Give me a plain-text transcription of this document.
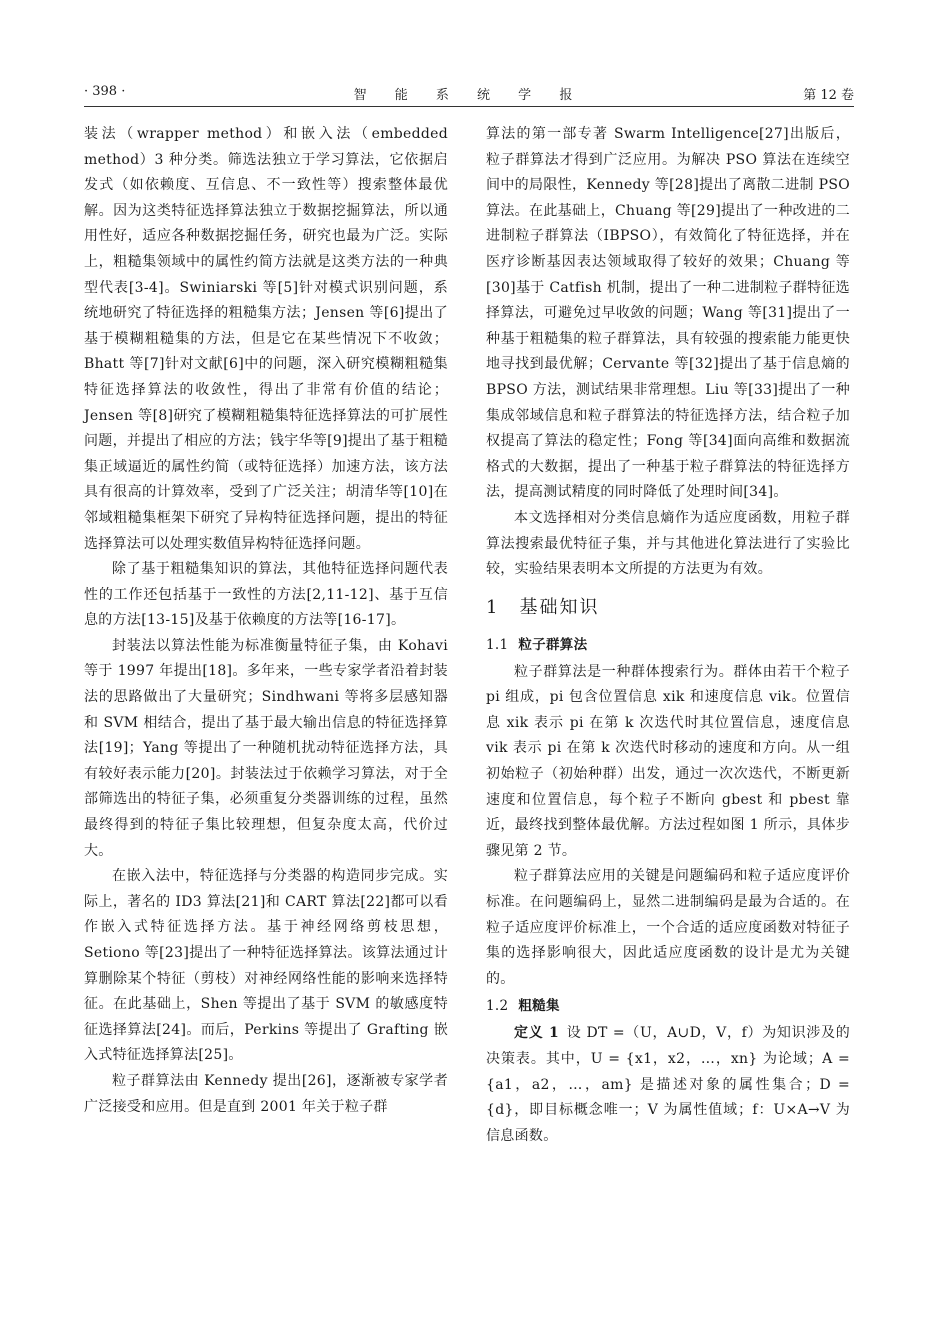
· 398 ·	智 能 系 统 学 报	第 12 卷

装法（wrapper method）和嵌入法（embedded method）3 种分类。筛选法独立于学习算法，它依据启发式（如依赖度、互信息、不一致性等）搜索整体最优解。因为这类特征选择算法独立于数据挖掘算法，所以通用性好，适应各种数据挖掘任务，研究也最为广泛。实际上，粗糙集领域中的属性约简方法就是这类方法的一种典型代表[3-4]。Swiniarski 等[5]针对模式识别问题，系统地研究了特征选择的粗糙集方法；Jensen 等[6]提出了基于模糊粗糙集的方法，但是它在某些情况下不收敛；Bhatt 等[7]针对文献[6]中的问题，深入研究模糊粗糙集特征选择算法的收敛性，得出了非常有价值的结论；Jensen 等[8]研究了模糊粗糙集特征选择算法的可扩展性问题，并提出了相应的方法；钱宇华等[9]提出了基于粗糙集正域逼近的属性约简（或特征选择）加速方法，该方法具有很高的计算效率，受到了广泛关注；胡清华等[10]在邻域粗糙集框架下研究了异构特征选择问题，提出的特征选择算法可以处理实数值异构特征选择问题。

除了基于粗糙集知识的算法，其他特征选择问题代表性的工作还包括基于一致性的方法[2,11-12]、基于互信息的方法[13-15]及基于依赖度的方法等[16-17]。

封装法以算法性能为标准衡量特征子集，由 Kohavi 等于 1997 年提出[18]。多年来，一些专家学者沿着封装法的思路做出了大量研究；Sindhwani 等将多层感知器和 SVM 相结合，提出了基于最大输出信息的特征选择算法[19]；Yang 等提出了一种随机扰动特征选择方法，具有较好表示能力[20]。封装法过于依赖学习算法，对于全部筛选出的特征子集，必须重复分类器训练的过程，虽然最终得到的特征子集比较理想，但复杂度太高，代价过大。

在嵌入法中，特征选择与分类器的构造同步完成。实际上，著名的 ID3 算法[21]和 CART 算法[22]都可以看作嵌入式特征选择方法。基于神经网络剪枝思想，Setiono 等[23]提出了一种特征选择算法。该算法通过计算删除某个特征（剪枝）对神经网络性能的影响来选择特征。在此基础上，Shen 等提出了基于 SVM 的敏感度特征选择算法[24]。而后，Perkins 等提出了 Grafting 嵌入式特征选择算法[25]。

粒子群算法由 Kennedy 提出[26]，逐渐被专家学者广泛接受和应用。但是直到 2001 年关于粒子群

算法的第一部专著 Swarm Intelligence[27]出版后，粒子群算法才得到广泛应用。为解决 PSO 算法在连续空间中的局限性，Kennedy 等[28]提出了离散二进制 PSO 算法。在此基础上，Chuang 等[29]提出了一种改进的二进制粒子群算法（IBPSO），有效简化了特征选择，并在医疗诊断基因表达领域取得了较好的效果；Chuang 等[30]基于 Catfish 机制，提出了一种二进制粒子群特征选择算法，可避免过早收敛的问题；Wang 等[31]提出了一种基于粗糙集的粒子群算法，具有较强的搜索能力能更快地寻找到最优解；Cervante 等[32]提出了基于信息熵的 BPSO 方法，测试结果非常理想。Liu 等[33]提出了一种集成邻域信息和粒子群算法的特征选择方法，结合粒子加权提高了算法的稳定性；Fong 等[34]面向高维和数据流格式的大数据，提出了一种基于粒子群算法的特征选择方法，提高测试精度的同时降低了处理时间[34]。

本文选择相对分类信息熵作为适应度函数，用粒子群算法搜索最优特征子集，并与其他进化算法进行了实验比较，实验结果表明本文所提的方法更为有效。

1  基础知识
1.1 粒子群算法

粒子群算法是一种群体搜索行为。群体由若干个粒子 pi 组成，pi 包含位置信息 xik 和速度信息 vik。位置信息 xik 表示 pi 在第 k 次迭代时其位置信息，速度信息 vik 表示 pi 在第 k 次迭代时移动的速度和方向。从一组初始粒子（初始种群）出发，通过一次次迭代，不断更新速度和位置信息，每个粒子不断向 gbest 和 pbest 靠近，最终找到整体最优解。方法过程如图 1 所示，具体步骤见第 2 节。

粒子群算法应用的关键是问题编码和粒子适应度评价标准。在问题编码上，显然二进制编码是最为合适的。在粒子适应度评价标准上，一个合适的适应度函数对特征子集的选择影响很大，因此适应度函数的设计是尤为关键的。

1.2 粗糙集

定义 1  设 DT =（U，A∪D，V，f）为知识涉及的决策表。其中，U = {x1，x2，…，xn} 为论域；A = {a1，a2，…，am} 是描述对象的属性集合；D = {d}，即目标概念唯一；V 为属性值域；f：U×A→V 为信息函数。
